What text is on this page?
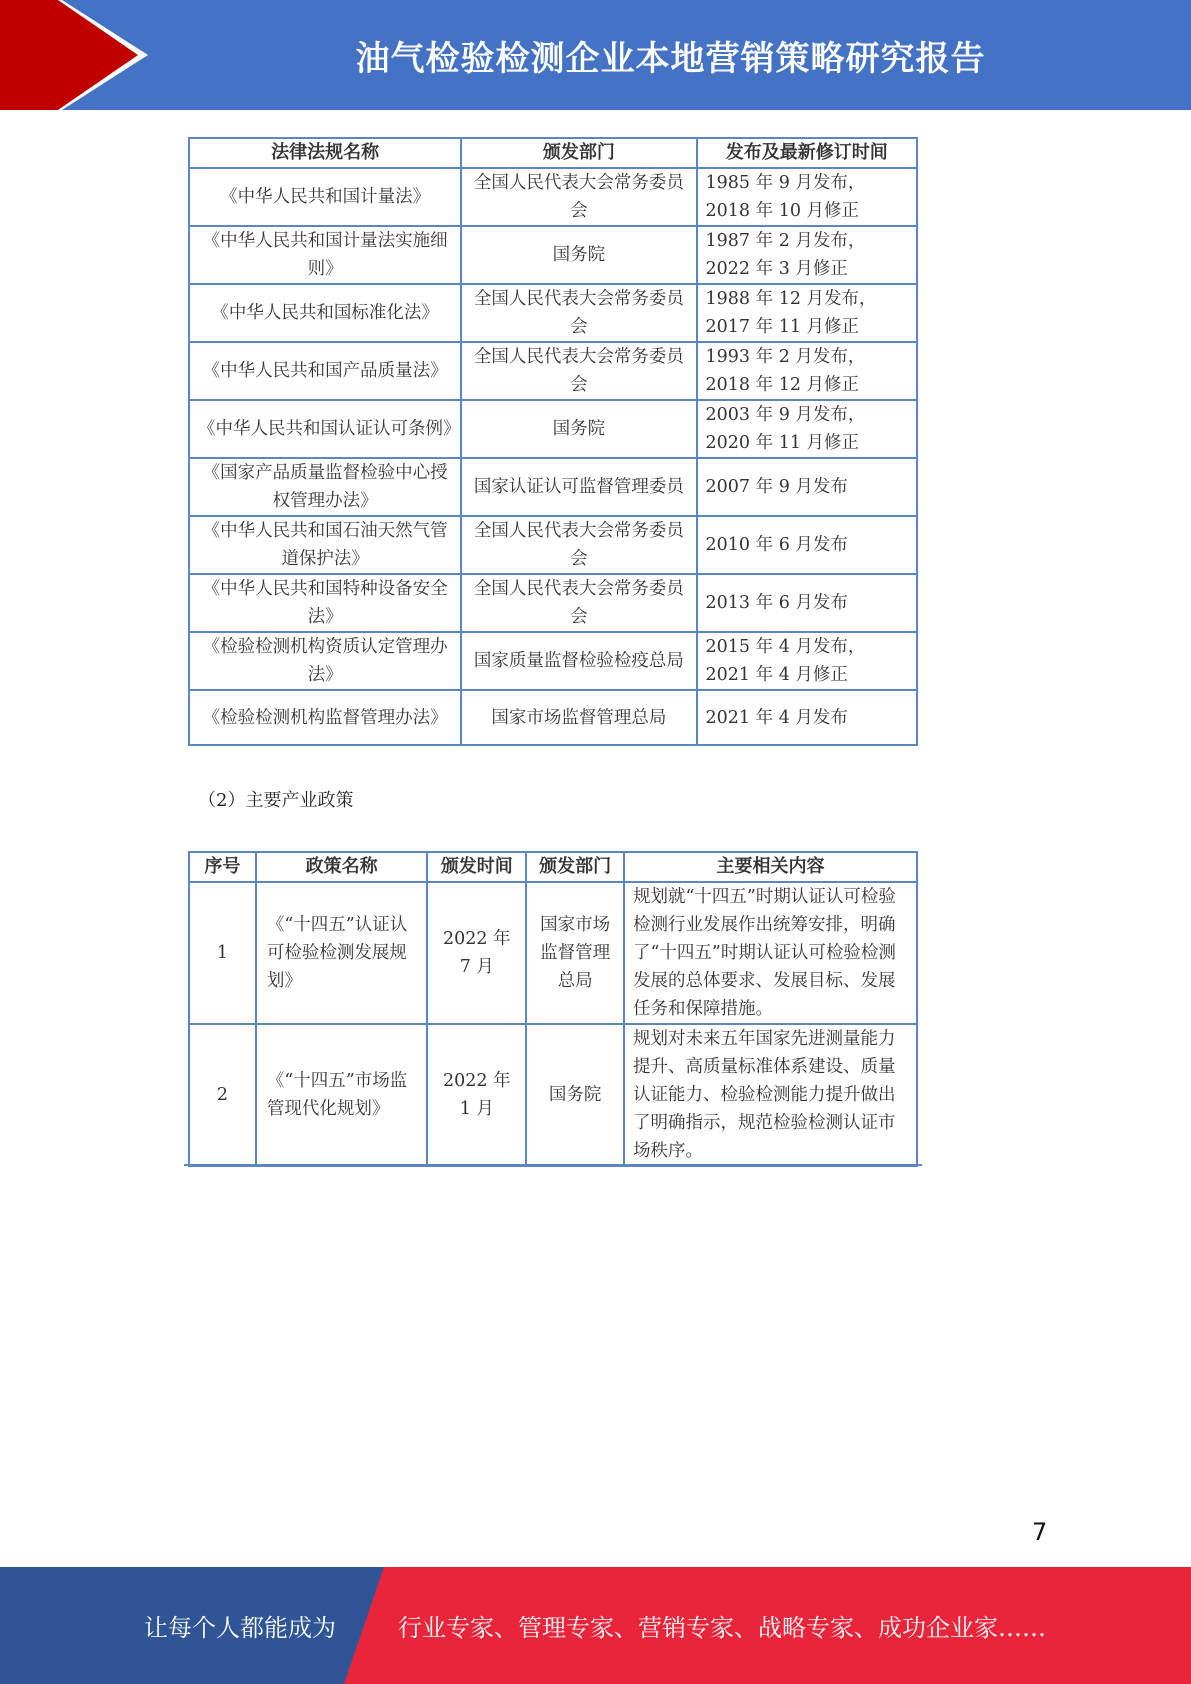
油气检验检测企业本地营销策略研究报告
法律法规名称	颁发部门	发布及最新修订时间
《中华人民共和国计量法》	全国人民代表大会常务委员会	1985 年 9 月发布，2018 年 10 月修正
《中华人民共和国计量法实施细则》	国务院	1987 年 2 月发布，2022 年 3 月修正
《中华人民共和国标准化法》	全国人民代表大会常务委员会	1988 年 12 月发布，2017 年 11 月修正
《中华人民共和国产品质量法》	全国人民代表大会常务委员会	1993 年 2 月发布，2018 年 12 月修正
《中华人民共和国认证认可条例》	国务院	2003 年 9 月发布，2020 年 11 月修正
《国家产品质量监督检验中心授权管理办法》	国家认证认可监督管理委员	2007 年 9 月发布
《中华人民共和国石油天然气管道保护法》	全国人民代表大会常务委员会	2010 年 6 月发布
《中华人民共和国特种设备安全法》	全国人民代表大会常务委员会	2013 年 6 月发布
《检验检测机构资质认定管理办法》	国家质量监督检验检疫总局	2015 年 4 月发布，2021 年 4 月修正
《检验检测机构监督管理办法》	国家市场监督管理总局	2021 年 4 月发布
（2）主要产业政策
序号	政策名称	颁发时间	颁发部门	主要相关内容
1	《“十四五”认证认可检验检测发展规划》	2022 年 7 月	国家市场监督管理总局	规划就“十四五”时期认证认可检验检测行业发展作出统筹安排，明确了“十四五”时期认证认可检验检测发展的总体要求、发展目标、发展任务和保障措施。
2	《“十四五”市场监管现代化规划》	2022 年 1 月	国务院	规划对未来五年国家先进测量能力提升、高质量标准体系建设、质量认证能力、检验检测能力提升做出了明确指示，规范检验检测认证市场秩序。
7
让每个人都能成为	行业专家、管理专家、营销专家、战略专家、成功企业家……
